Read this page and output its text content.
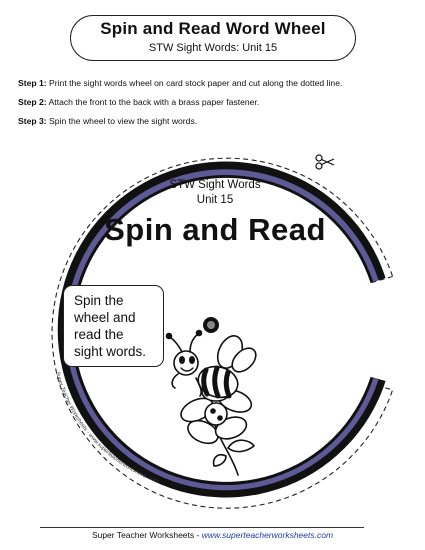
Spin and Read Word Wheel
STW Sight Words: Unit 15
Step 1: Print the sight words wheel on card stock paper and cut along the dotted line.
Step 2: Attach the front to the back with a brass paper fastener.
Step 3: Spin the wheel to view the sight words.
Super Teacher Worksheets - www.superteacherworksheets.com
STW Sight Words
Unit 15
Spin and Read
Spin the
wheel and
read the
sight words.
Super Teacher Worksheets - www.superteacherworksheets.com
